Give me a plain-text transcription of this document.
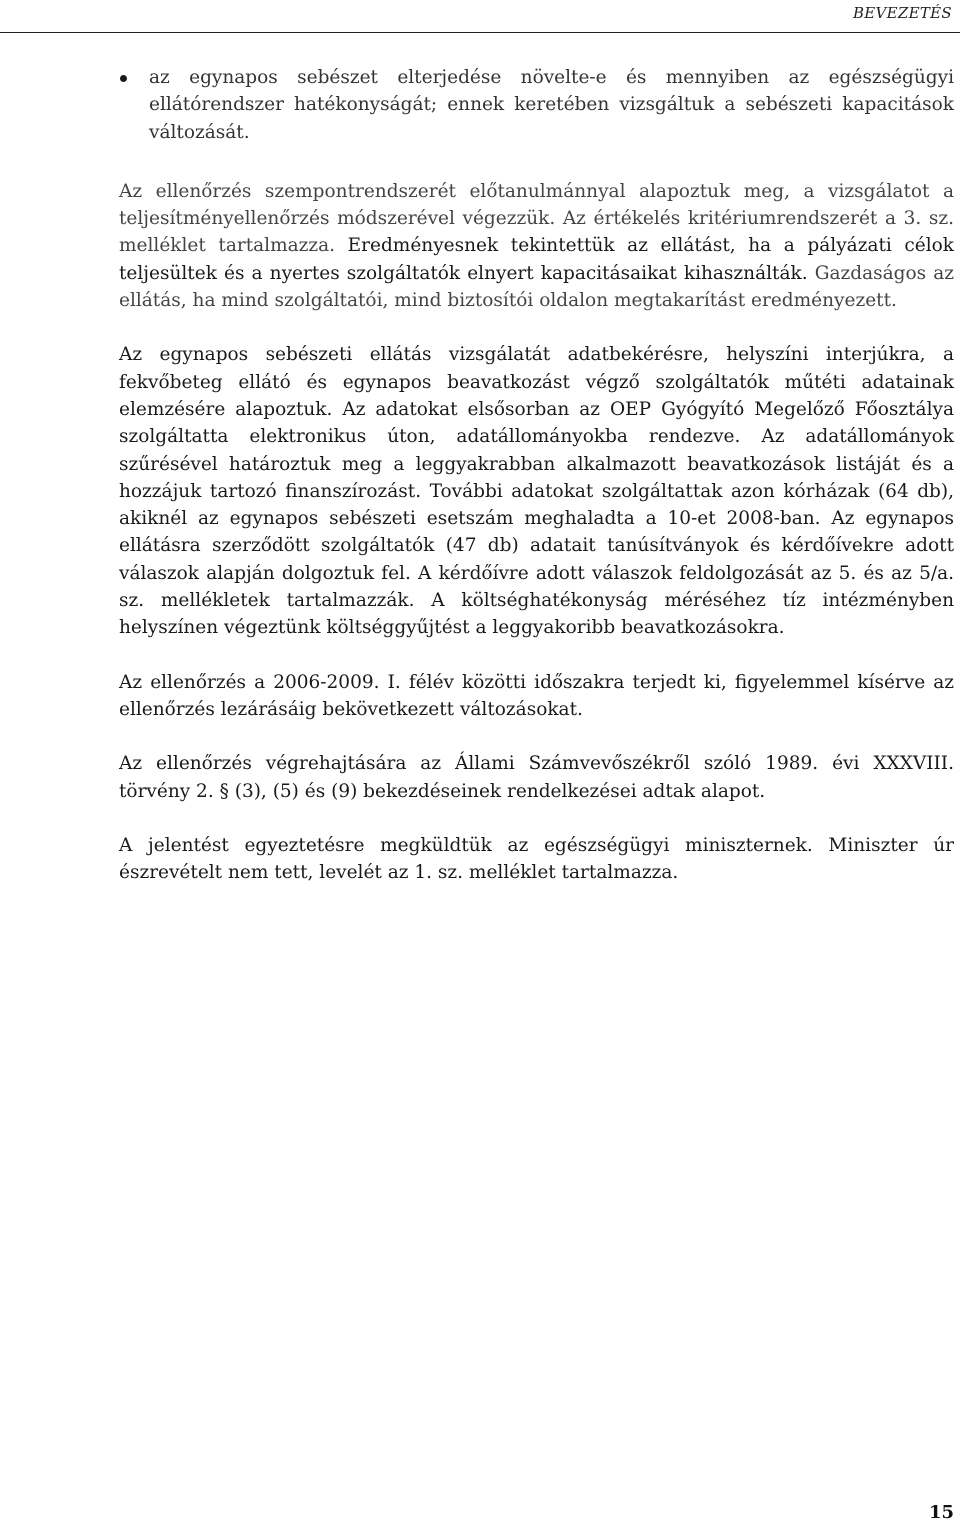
BEVEZETÉS
az egynapos sebészet elterjedése növelte-e és mennyiben az egészségügyi ellátórendszer hatékonyságát; ennek keretében vizsgáltuk a sebészeti kapacitások változását.

Az ellenőrzés szempontrendszerét előtanulmánnyal alapoztuk meg, a vizsgálatot a teljesítményellenőrzés módszerével végezzük. Az értékelés kritériumrendszerét a 3. sz. melléklet tartalmazza. Eredményesnek tekintettük az ellátást, ha a pályázati célok teljesültek és a nyertes szolgáltatók elnyert kapacitásaikat kihasználták. Gazdaságos az ellátás, ha mind szolgáltatói, mind biztosítói oldalon megtakarítást eredményezett.

Az egynapos sebészeti ellátás vizsgálatát adatbekérésre, helyszíni interjúkra, a fekvőbeteg ellátó és egynapos beavatkozást végző szolgáltatók műtéti adatainak elemzésére alapoztuk. Az adatokat elsősorban az OEP Gyógyító Megelőző Főosztálya szolgáltatta elektronikus úton, adatállományokba rendezve. Az adatállományok szűrésével határoztuk meg a leggyakrabban alkalmazott beavatkozások listáját és a hozzájuk tartozó finanszírozást. További adatokat szolgáltattak azon kórházak (64 db), akiknél az egynapos sebészeti esetszám meghaladta a 10-et 2008-ban. Az egynapos ellátásra szerződött szolgáltatók (47 db) adatait tanúsítványok és kérdőívekre adott válaszok alapján dolgoztuk fel. A kérdőívre adott válaszok feldolgozását az 5. és az 5/a. sz. mellékletek tartalmazzák. A költséghatékonyság méréséhez tíz intézményben helyszínen végeztünk költséggyűjtést a leggyakoribb beavatkozásokra.

Az ellenőrzés a 2006-2009. I. félév közötti időszakra terjedt ki, figyelemmel kísérve az ellenőrzés lezárásáig bekövetkezett változásokat.

Az ellenőrzés végrehajtására az Állami Számvevőszékről szóló 1989. évi XXXVIII. törvény 2. § (3), (5) és (9) bekezdéseinek rendelkezései adtak alapot.

A jelentést egyeztetésre megküldtük az egészségügyi miniszternek. Miniszter úr észrevételt nem tett, levelét az 1. sz. melléklet tartalmazza.

15
